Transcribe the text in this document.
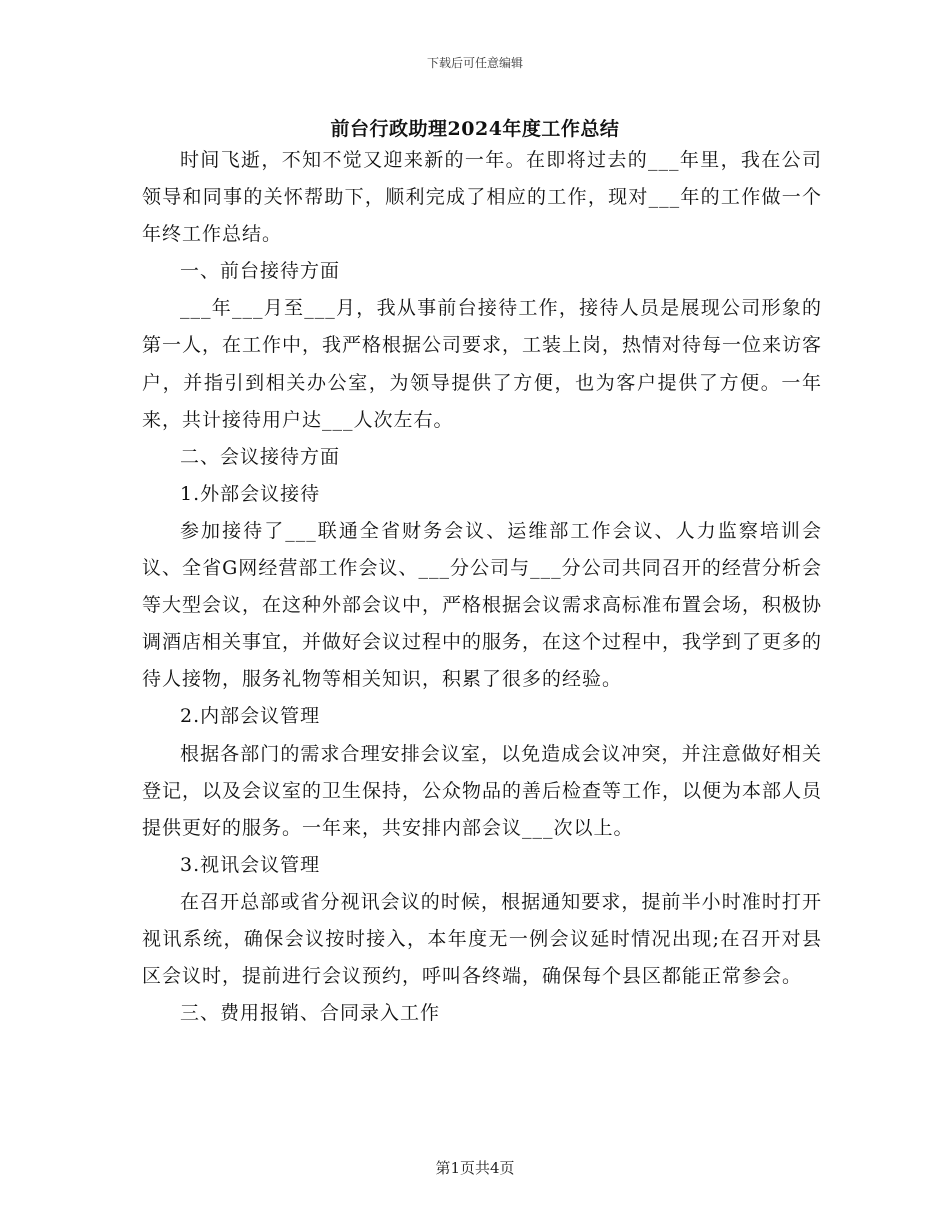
下载后可任意编辑
前台行政助理2024年度工作总结

时间飞逝，不知不觉又迎来新的一年。在即将过去的___年里，我在公司领导和同事的关怀帮助下，顺利完成了相应的工作，现对___年的工作做一个年终工作总结。

一、前台接待方面

___年___月至___月，我从事前台接待工作，接待人员是展现公司形象的第一人，在工作中，我严格根据公司要求，工装上岗，热情对待每一位来访客户，并指引到相关办公室，为领导提供了方便，也为客户提供了方便。一年来，共计接待用户达___人次左右。

二、会议接待方面

1.外部会议接待

参加接待了___联通全省财务会议、运维部工作会议、人力监察培训会议、全省G网经营部工作会议、___分公司与___分公司共同召开的经营分析会等大型会议，在这种外部会议中，严格根据会议需求高标准布置会场，积极协调酒店相关事宜，并做好会议过程中的服务，在这个过程中，我学到了更多的待人接物，服务礼物等相关知识，积累了很多的经验。

2.内部会议管理

根据各部门的需求合理安排会议室，以免造成会议冲突，并注意做好相关登记，以及会议室的卫生保持，公众物品的善后检查等工作，以便为本部人员提供更好的服务。一年来，共安排内部会议___次以上。

3.视讯会议管理

在召开总部或省分视讯会议的时候，根据通知要求，提前半小时准时打开视讯系统，确保会议按时接入，本年度无一例会议延时情况出现;在召开对县区会议时，提前进行会议预约，呼叫各终端，确保每个县区都能正常参会。

三、费用报销、合同录入工作

第1页共4页
